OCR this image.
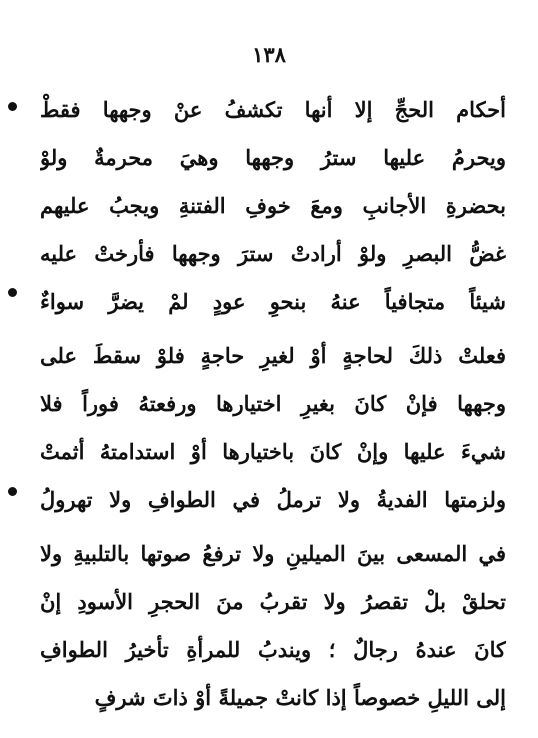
١٣٨
أحكام الحجِّ إلا أنها تكشفُ عنْ وجهها فقطْ
ويحرمُ عليها سترُ وجهها وهيَ محرمةٌ ولوْ
بحضرةِ الأجانبِ ومعَ خوفِ الفتنةِ ويجبُ عليهم
غضُّ البصرِ ولوْ أرادتْ سترَ وجهها فأرختْ عليه
شيئاً متجافياً عنهُ بنحوِ عودٍ لمْ يضرَّ سواءٌ
فعلتْ ذلكَ لحاجةٍ أوْ لغيرِ حاجةٍ فلوْ سقطَ على
وجهها فإنْ كانَ بغيرِ اختيارها ورفعتهُ فوراً فلا
شيءَ عليها وإنْ كانَ باختيارها أوْ استدامتهُ أثمتْ
ولزمتها الفديةُ ولا ترملُ في الطوافِ ولا تهرولُ
في المسعى بينَ الميلينِ ولا ترفعُ صوتها بالتلبيةِ ولا
تحلقْ بلْ تقصرُ ولا تقربُ منَ الحجرِ الأسودِ إنْ
كانَ عندهُ رجالٌ ؛ ويندبُ للمرأةِ تأخيرُ الطوافِ
إلى الليلِ خصوصاً إذا كانتْ جميلةً أوْ ذاتَ شرفٍ
